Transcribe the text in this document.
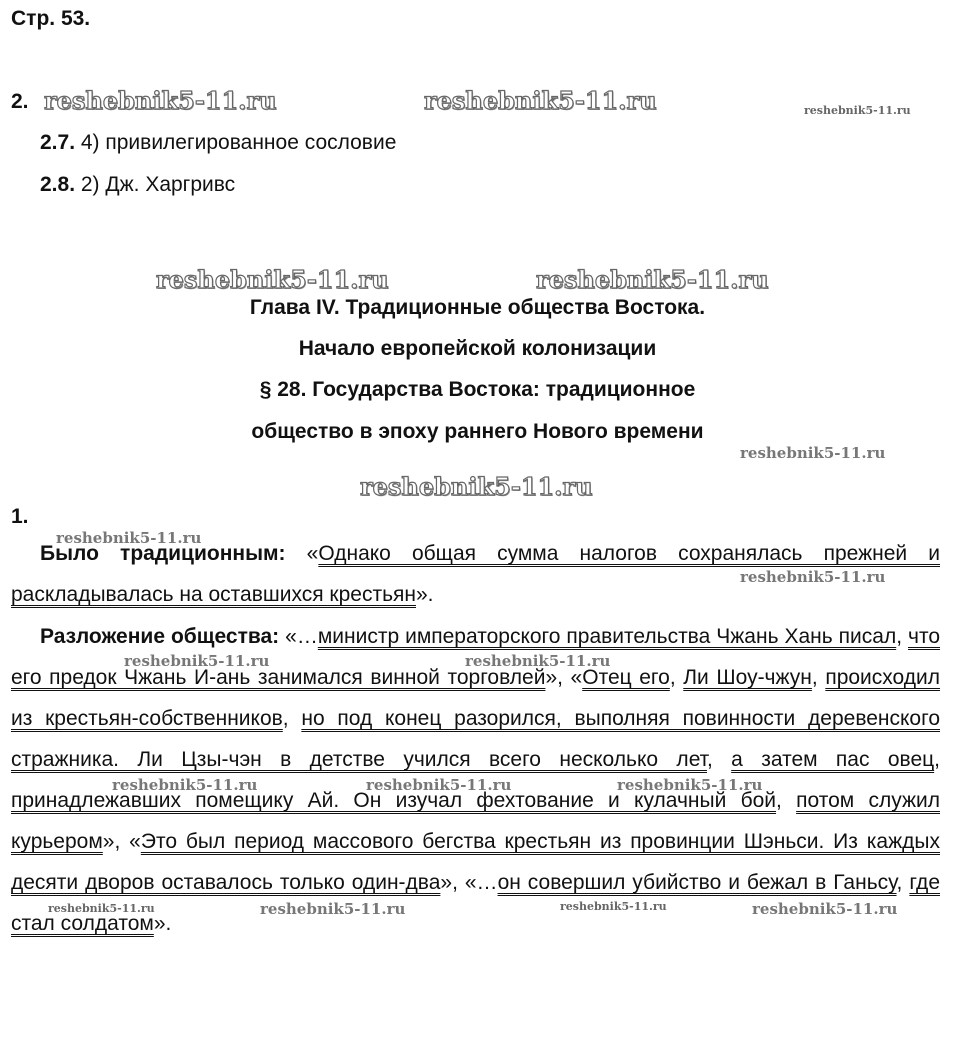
Стр. 53.
2.
2.7. 4) привилегированное сословие
2.8. 2) Дж. Харгривс
Глава IV. Традиционные общества Востока.
Начало европейской колонизации
§ 28. Государства Востока: традиционное
общество в эпоху раннего Нового времени
1.
Было традиционным: «Однако общая сумма налогов сохранялась прежней и раскладывалась на оставшихся крестьян».
Разложение общества: «…министр императорского правительства Чжань Хань писал, что его предок Чжань И-ань занимался винной торговлей», «Отец его, Ли Шоу-чжун, происходил из крестьян-собственников, но под конец разорился, выполняя повинности деревенского стражника. Ли Цзы-чэн в детстве учился всего несколько лет, а затем пас овец, принадлежавших помещику Ай. Он изучал фехтование и кулачный бой, потом служил курьером», «Это был период массового бегства крестьян из провинции Шэньси. Из каждых десяти дворов оставалось только один-два», «…он совершил убийство и бежал в Ганьсу, где стал солдатом».
reshebnik5-11.ru	reshebnik5-11.ru	reshebnik5-11.ru
reshebnik5-11.ru	reshebnik5-11.ru
reshebnik5-11.ru
reshebnik5-11.ru
reshebnik5-11.ru
reshebnik5-11.ru
reshebnik5-11.ru	reshebnik5-11.ru
reshebnik5-11.ru	reshebnik5-11.ru	reshebnik5-11.ru
reshebnik5-11.ru	reshebnik5-11.ru	reshebnik5-11.ru	reshebnik5-11.ru
